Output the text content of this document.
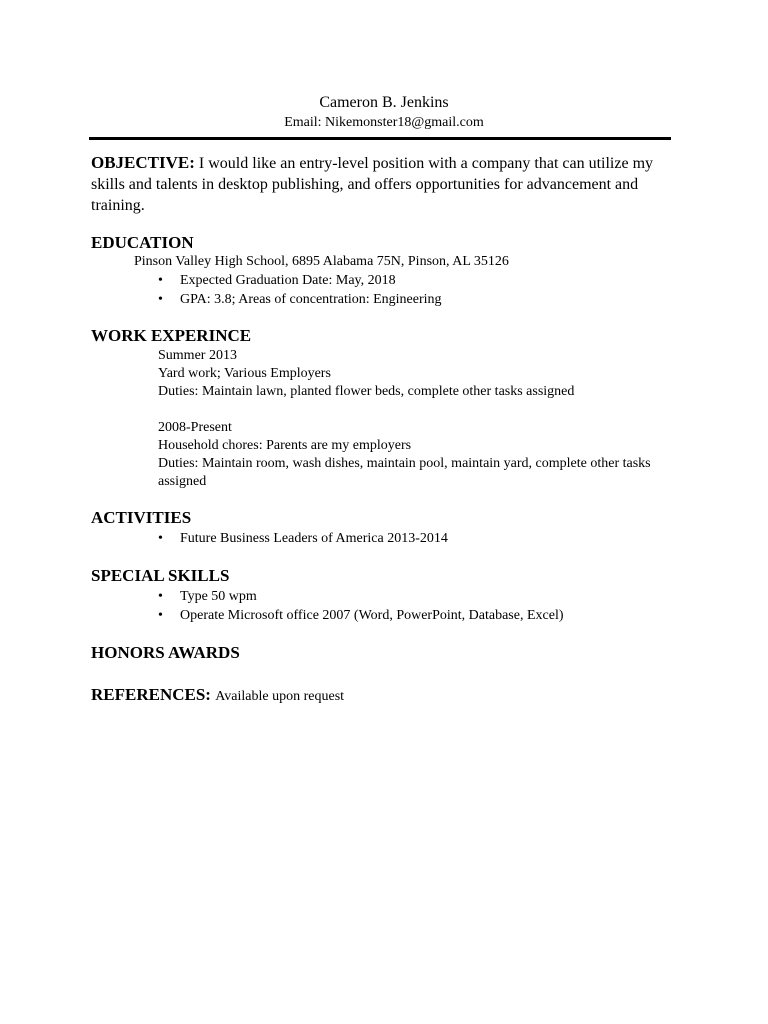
Cameron B. Jenkins
Email: Nikemonster18@gmail.com
OBJECTIVE: I would like an entry-level position with a company that can utilize my skills and talents in desktop publishing, and offers opportunities for advancement and training.
EDUCATION
Pinson Valley High School, 6895 Alabama 75N, Pinson, AL 35126
• Expected Graduation Date: May, 2018
• GPA: 3.8; Areas of concentration: Engineering
WORK EXPERINCE
Summer 2013
Yard work; Various Employers
Duties: Maintain lawn, planted flower beds, complete other tasks assigned
2008-Present
Household chores: Parents are my employers
Duties: Maintain room, wash dishes, maintain pool, maintain yard, complete other tasks assigned
ACTIVITIES
• Future Business Leaders of America 2013-2014
SPECIAL SKILLS
• Type 50 wpm
• Operate Microsoft office 2007 (Word, PowerPoint, Database, Excel)
HONORS AWARDS
REFERENCES: Available upon request
